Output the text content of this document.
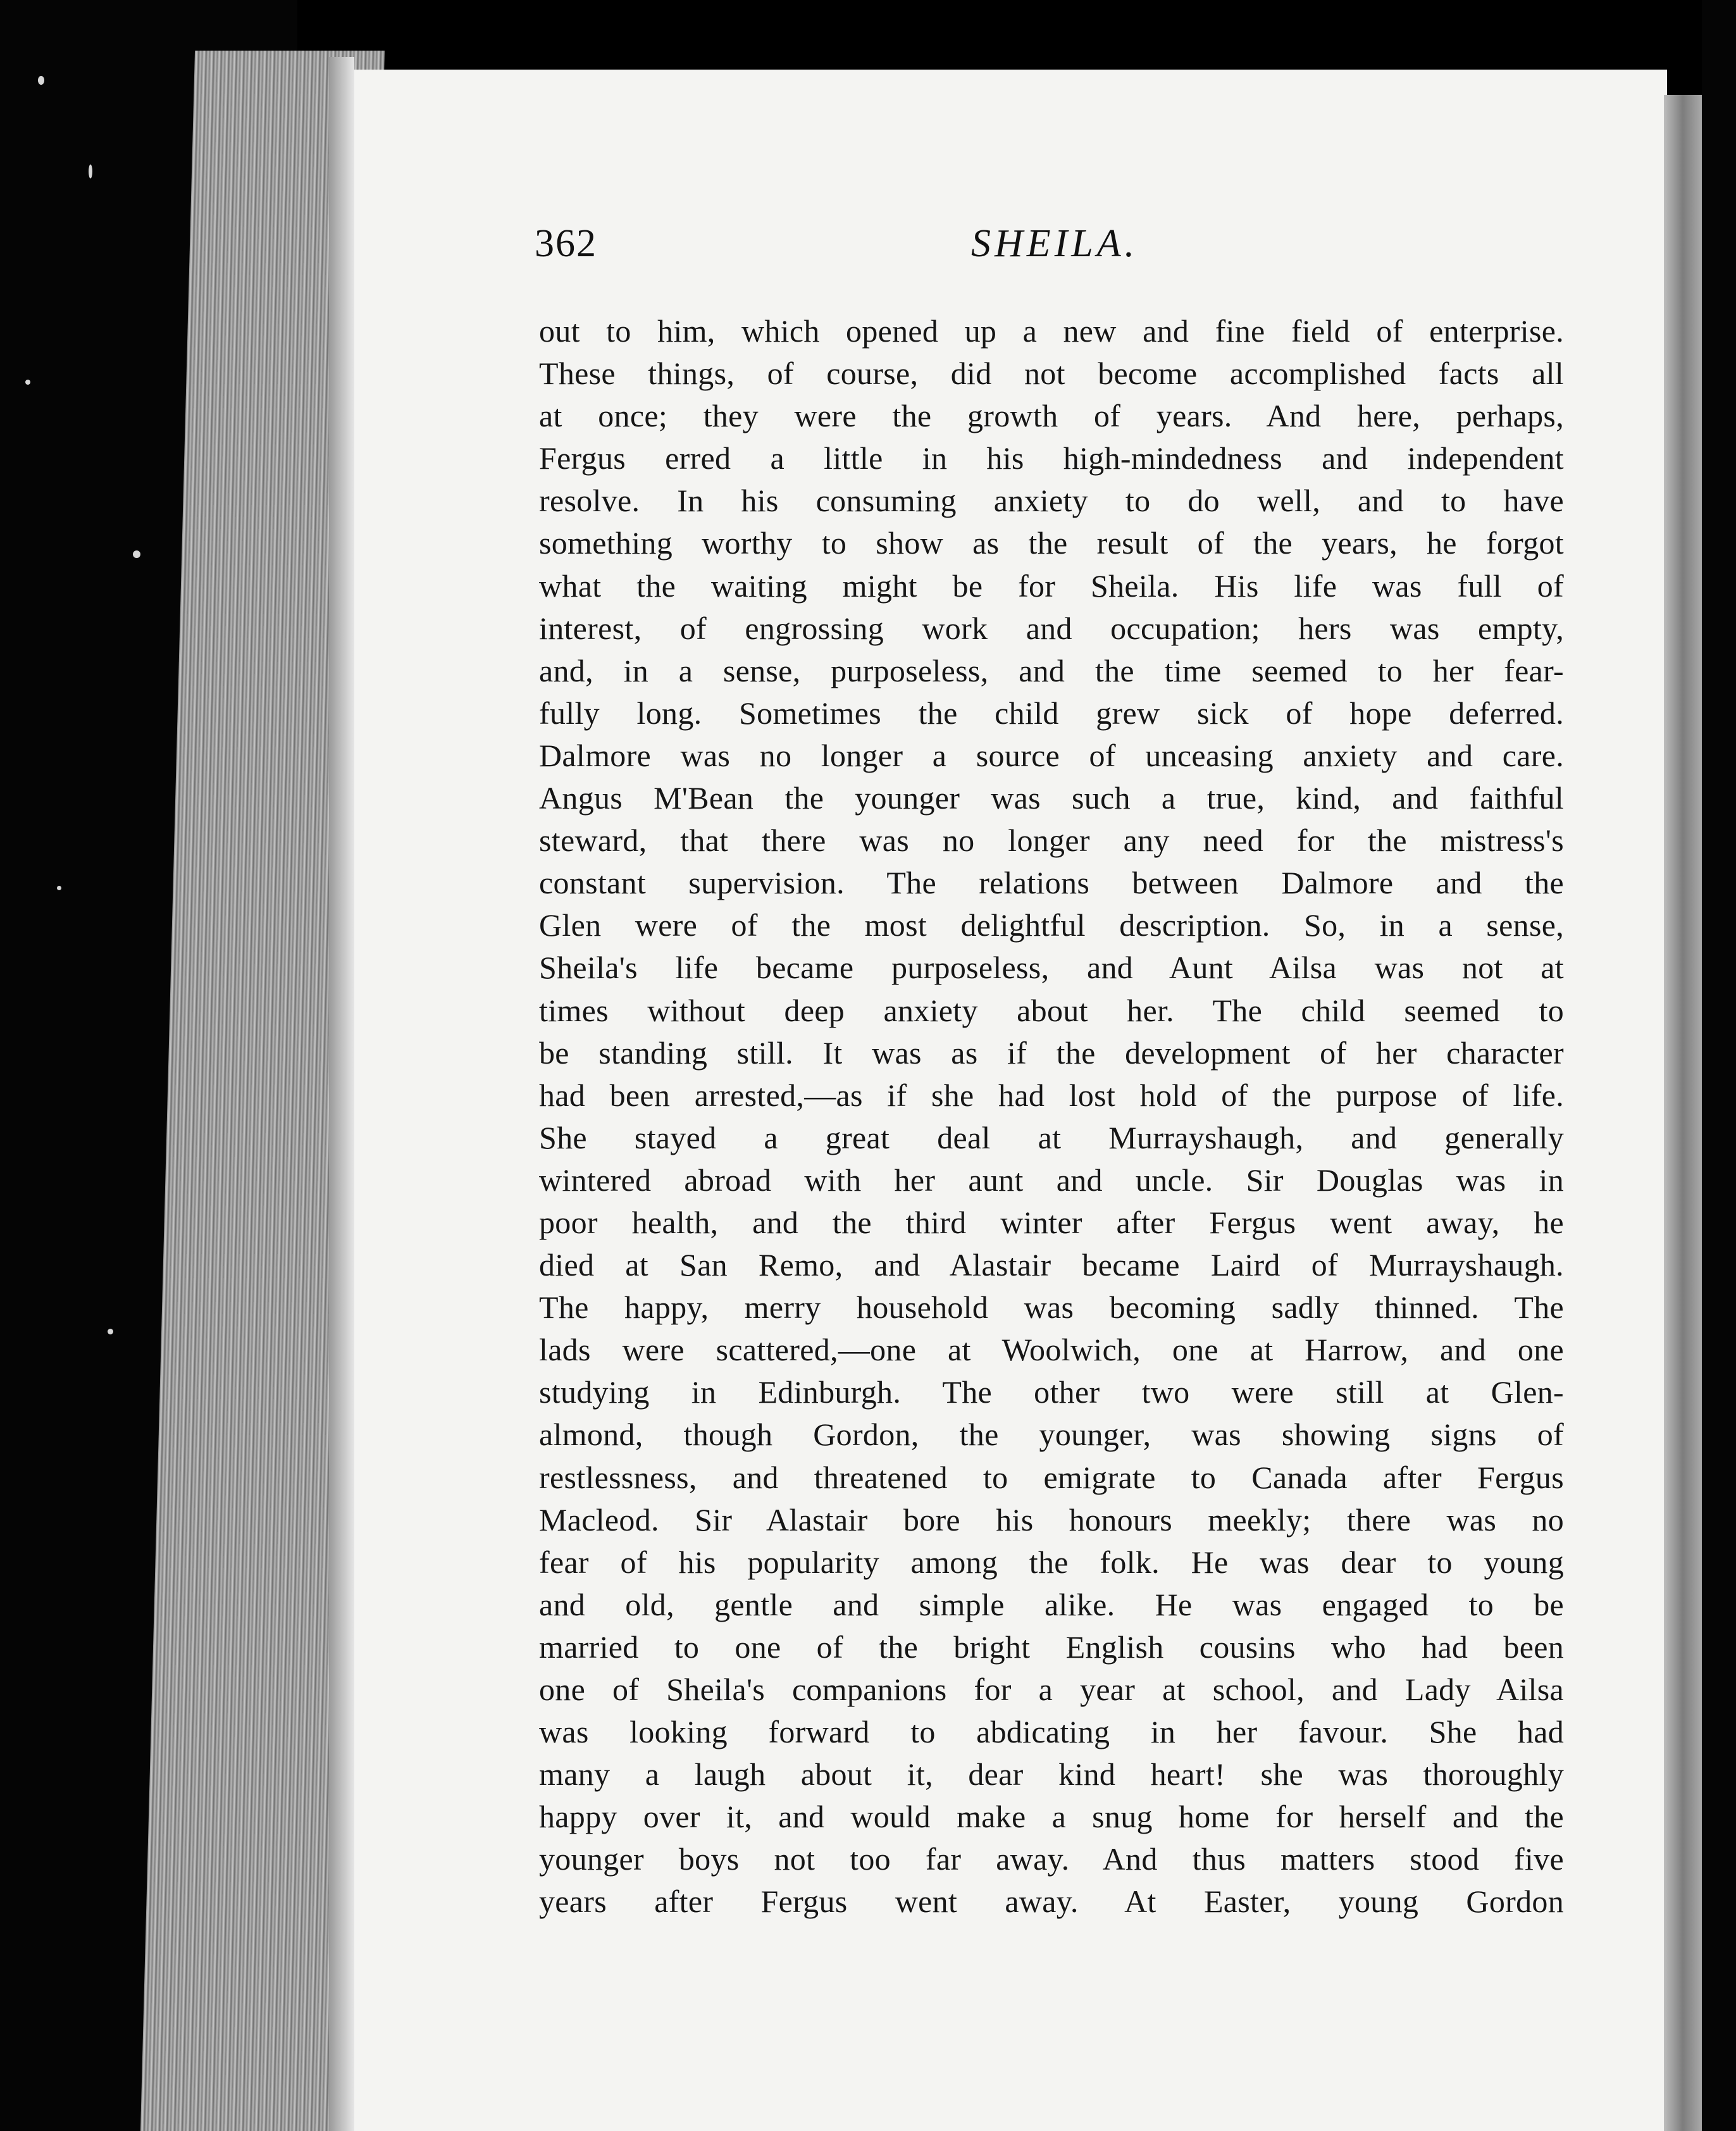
362	SHEILA.
out to him, which opened up a new and fine field of enterprise.
These things, of course, did not become accomplished facts all
at once; they were the growth of years. And here, perhaps,
Fergus erred a little in his high-mindedness and independent
resolve. In his consuming anxiety to do well, and to have
something worthy to show as the result of the years, he forgot
what the waiting might be for Sheila. His life was full of
interest, of engrossing work and occupation; hers was empty,
and, in a sense, purposeless, and the time seemed to her fear-
fully long. Sometimes the child grew sick of hope deferred.
Dalmore was no longer a source of unceasing anxiety and care.
Angus M'Bean the younger was such a true, kind, and faithful
steward, that there was no longer any need for the mistress's
constant supervision. The relations between Dalmore and the
Glen were of the most delightful description. So, in a sense,
Sheila's life became purposeless, and Aunt Ailsa was not at
times without deep anxiety about her. The child seemed to
be standing still. It was as if the development of her character
had been arrested,—as if she had lost hold of the purpose of life.
She stayed a great deal at Murrayshaugh, and generally
wintered abroad with her aunt and uncle. Sir Douglas was in
poor health, and the third winter after Fergus went away, he
died at San Remo, and Alastair became Laird of Murrayshaugh.
The happy, merry household was becoming sadly thinned. The
lads were scattered,—one at Woolwich, one at Harrow, and one
studying in Edinburgh. The other two were still at Glen-
almond, though Gordon, the younger, was showing signs of
restlessness, and threatened to emigrate to Canada after Fergus
Macleod. Sir Alastair bore his honours meekly; there was no
fear of his popularity among the folk. He was dear to young
and old, gentle and simple alike. He was engaged to be
married to one of the bright English cousins who had been
one of Sheila's companions for a year at school, and Lady Ailsa
was looking forward to abdicating in her favour. She had
many a laugh about it, dear kind heart! she was thoroughly
happy over it, and would make a snug home for herself and the
younger boys not too far away. And thus matters stood five
years after Fergus went away. At Easter, young Gordon
